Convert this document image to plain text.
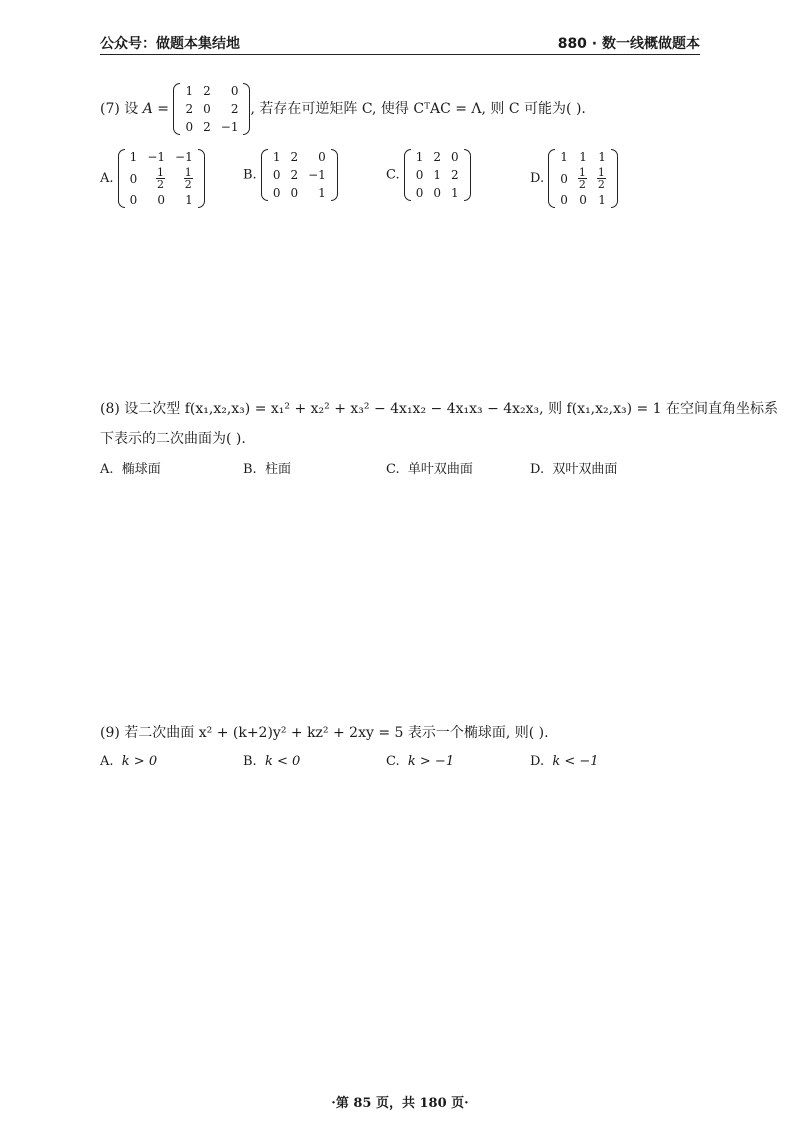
公众号：做题本集结地	880 · 数一线概做题本
(7) 设 A =
1	2	0
2	0	2
0	2	−1
, 若存在可逆矩阵 C, 使得 CᵀAC = Λ, 则 C 可能为( ).
A.
1	−1	−1
0	$\frac{1}{2}$	$\frac{1}{2}$

0	0	1
B.
1	2	0
0	2	−1
0	0	1
C.
1	2	0
0	1	2
0	0	1
D.
1	1	1
0	$\frac{1}{2}$	$\frac{1}{2}$

0	0	1
(8) 设二次型 f(x₁,x₂,x₃) = x₁² + x₂² + x₃² − 4x₁x₂ − 4x₁x₃ − 4x₂x₃, 则 f(x₁,x₂,x₃) = 1 在空间直角坐标系
下表示的二次曲面为( ).
A. 椭球面	B. 柱面	C. 单叶双曲面	D. 双叶双曲面
(9) 若二次曲面 x² + (k+2)y² + kz² + 2xy = 5 表示一个椭球面, 则( ).
A. k > 0	B. k < 0	C. k > −1	D. k < −1
·第 85 页，共 180 页·
